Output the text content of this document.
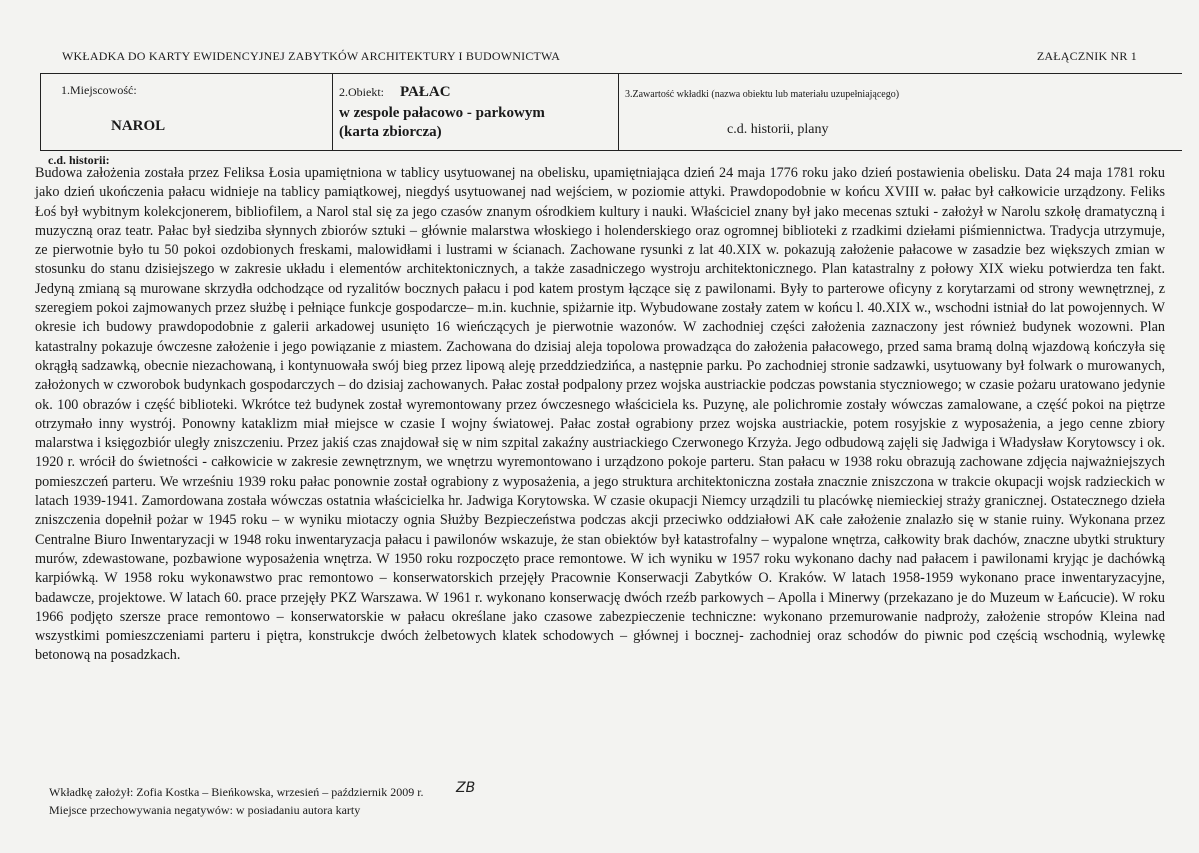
WKŁADKA DO KARTY EWIDENCYJNEJ ZABYTKÓW ARCHITEKTURY I BUDOWNICTWA	ZAŁĄCZNIK NR 1
1.Miejscowość:
NAROL
2.Obiekt: PAŁAC
w zespole pałacowo - parkowym
(karta zbiorcza)
3.Zawartość wkładki (nazwa obiektu lub materiału uzupełniającego)
c.d. historii, plany
c.d. historii:

Budowa założenia została przez Feliksa Łosia upamiętniona w tablicy usytuowanej na obelisku, upamiętniająca dzień 24 maja 1776 roku jako dzień postawienia obelisku. Data 24 maja 1781 roku jako dzień ukończenia pałacu widnieje na tablicy pamiątkowej, niegdyś usytuowanej nad wejściem, w poziomie attyki. Prawdopodobnie w końcu XVIII w. pałac był całkowicie urządzony. Feliks Łoś był wybitnym kolekcjonerem, bibliofilem, a Narol stal się za jego czasów znanym ośrodkiem kultury i nauki. Właściciel znany był jako mecenas sztuki - założył w Narolu szkołę dramatyczną i muzyczną oraz teatr. Pałac był siedziba słynnych zbiorów sztuki – głównie malarstwa włoskiego i holenderskiego oraz ogromnej biblioteki z rzadkimi dziełami piśmiennictwa. Tradycja utrzymuje, ze pierwotnie było tu 50 pokoi ozdobionych freskami, malowidłami i lustrami w ścianach. Zachowane rysunki z lat 40.XIX w. pokazują założenie pałacowe w zasadzie bez większych zmian w stosunku do stanu dzisiejszego w zakresie układu i elementów architektonicznych, a także zasadniczego wystroju architektonicznego. Plan katastralny z połowy XIX wieku potwierdza ten fakt. Jedyną zmianą są murowane skrzydła odchodzące od ryzalitów bocznych pałacu i pod katem prostym łączące się z pawilonami. Były to parterowe oficyny z korytarzami od strony wewnętrznej, z szeregiem pokoi zajmowanych przez służbę i pełniące funkcje gospodarcze– m.in. kuchnie, spiżarnie itp. Wybudowane zostały zatem w końcu l. 40.XIX w., wschodni istniał do lat powojennych. W okresie ich budowy prawdopodobnie z galerii arkadowej usunięto 16 wieńczących je pierwotnie wazonów. W zachodniej części założenia zaznaczony jest również budynek wozowni. Plan katastralny pokazuje ówczesne założenie i jego powiązanie z miastem. Zachowana do dzisiaj aleja topolowa prowadząca do założenia pałacowego, przed sama bramą dolną wjazdową kończyła się okrągłą sadzawką, obecnie niezachowaną, i kontynuowała swój bieg przez lipową aleję przeddziedzińca, a następnie parku. Po zachodniej stronie sadzawki, usytuowany był folwark o murowanych, założonych w czworobok budynkach gospodarczych – do dzisiaj zachowanych. Pałac został podpalony przez wojska austriackie podczas powstania styczniowego; w czasie pożaru uratowano jedynie ok. 100 obrazów i część biblioteki. Wkrótce też budynek został wyremontowany przez ówczesnego właściciela ks. Puzynę, ale polichromie zostały wówczas zamalowane, a część pokoi na piętrze otrzymało inny wystrój. Ponowny kataklizm miał miejsce w czasie I wojny światowej. Pałac został ograbiony przez wojska austriackie, potem rosyjskie z wyposażenia, a jego cenne zbiory malarstwa i księgozbiór uległy zniszczeniu. Przez jakiś czas znajdował się w nim szpital zakaźny austriackiego Czerwonego Krzyża. Jego odbudową zajęli się Jadwiga i Władysław Korytowscy i ok. 1920 r. wrócił do świetności - całkowicie w zakresie zewnętrznym, we wnętrzu wyremontowano i urządzono pokoje parteru. Stan pałacu w 1938 roku obrazują zachowane zdjęcia najważniejszych pomieszczeń parteru. We wrześniu 1939 roku pałac ponownie został ograbiony z wyposażenia, a jego struktura architektoniczna została znacznie zniszczona w trakcie okupacji wojsk radzieckich w latach 1939-1941. Zamordowana została wówczas ostatnia właścicielka hr. Jadwiga Korytowska. W czasie okupacji Niemcy urządzili tu placówkę niemieckiej straży granicznej. Ostatecznego dzieła zniszczenia dopełnił pożar w 1945 roku – w wyniku miotaczy ognia Służby Bezpieczeństwa podczas akcji przeciwko oddziałowi AK całe założenie znalazło się w stanie ruiny. Wykonana przez Centralne Biuro Inwentaryzacji w 1948 roku inwentaryzacja pałacu i pawilonów wskazuje, że stan obiektów był katastrofalny – wypalone wnętrza, całkowity brak dachów, znaczne ubytki struktury murów, zdewastowane, pozbawione wyposażenia wnętrza. W 1950 roku rozpoczęto prace remontowe. W ich wyniku w 1957 roku wykonano dachy nad pałacem i pawilonami kryjąc je dachówką karpiówką. W 1958 roku wykonawstwo prac remontowo – konserwatorskich przejęły Pracownie Konserwacji Zabytków O. Kraków. W latach 1958-1959 wykonano prace inwentaryzacyjne, badawcze, projektowe. W latach 60. prace przejęły PKZ Warszawa. W 1961 r. wykonano konserwację dwóch rzeźb parkowych – Apolla i Minerwy (przekazano je do Muzeum w Łańcucie). W roku 1966 podjęto szersze prace remontowo – konserwatorskie w pałacu określane jako czasowe zabezpieczenie techniczne: wykonano przemurowanie nadproży, założenie stropów Kleina nad wszystkimi pomieszczeniami parteru i piętra, konstrukcje dwóch żelbetowych klatek schodowych – głównej i bocznej- zachodniej oraz schodów do piwnic pod częścią wschodnią, wylewkę betonową na posadzkach.

Wkładkę założył: Zofia Kostka – Bieńkowska, wrzesień – październik 2009 r.
Miejsce przechowywania negatywów: w posiadaniu autora karty
ZB
